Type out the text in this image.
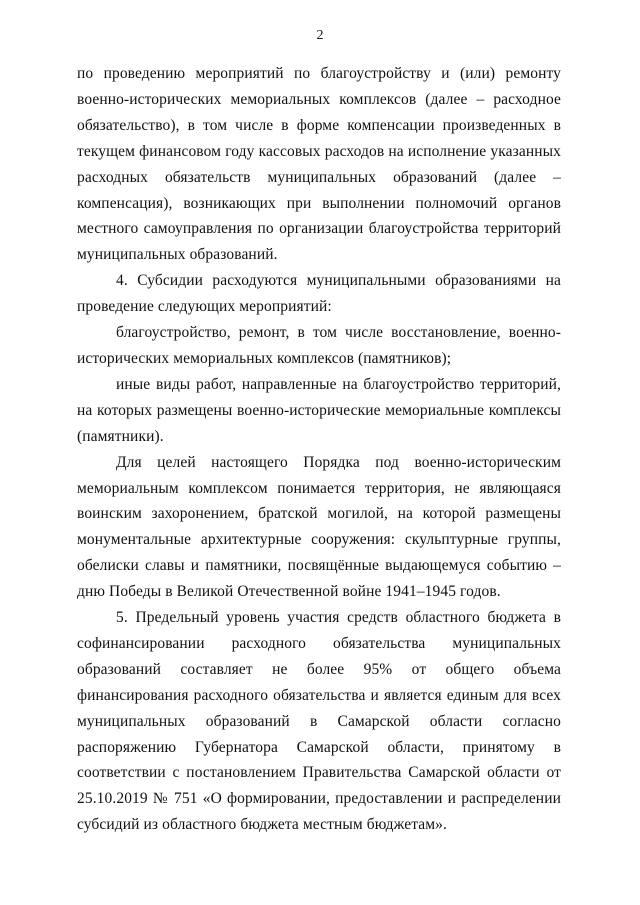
2

по проведению мероприятий по благоустройству и (или) ремонту военно-исторических мемориальных комплексов (далее – расходное обязательство), в том числе в форме компенсации произведенных в текущем финансовом году кассовых расходов на исполнение указанных расходных обязательств муниципальных образований (далее – компенсация), возникающих при выполнении полномочий органов местного самоуправления по организации благоустройства территорий муниципальных образований.

4. Субсидии расходуются муниципальными образованиями на проведение следующих мероприятий:

благоустройство, ремонт, в том числе восстановление, военно-исторических мемориальных комплексов (памятников);

иные виды работ, направленные на благоустройство территорий, на которых размещены военно-исторические мемориальные комплексы (памятники).

Для целей настоящего Порядка под военно-историческим мемориальным комплексом понимается территория, не являющаяся воинским захоронением, братской могилой, на которой размещены монументальные архитектурные сооружения: скульптурные группы, обелиски славы и памятники, посвящённые выдающемуся событию – дню Победы в Великой Отечественной войне 1941–1945 годов.

5. Предельный уровень участия средств областного бюджета в софинансировании расходного обязательства муниципальных образований составляет не более 95% от общего объема финансирования расходного обязательства и является единым для всех муниципальных образований в Самарской области согласно распоряжению Губернатора Самарской области, принятому в соответствии с постановлением Правительства Самарской области от 25.10.2019 № 751 «О формировании, предоставлении и распределении субсидий из областного бюджета местным бюджетам».
